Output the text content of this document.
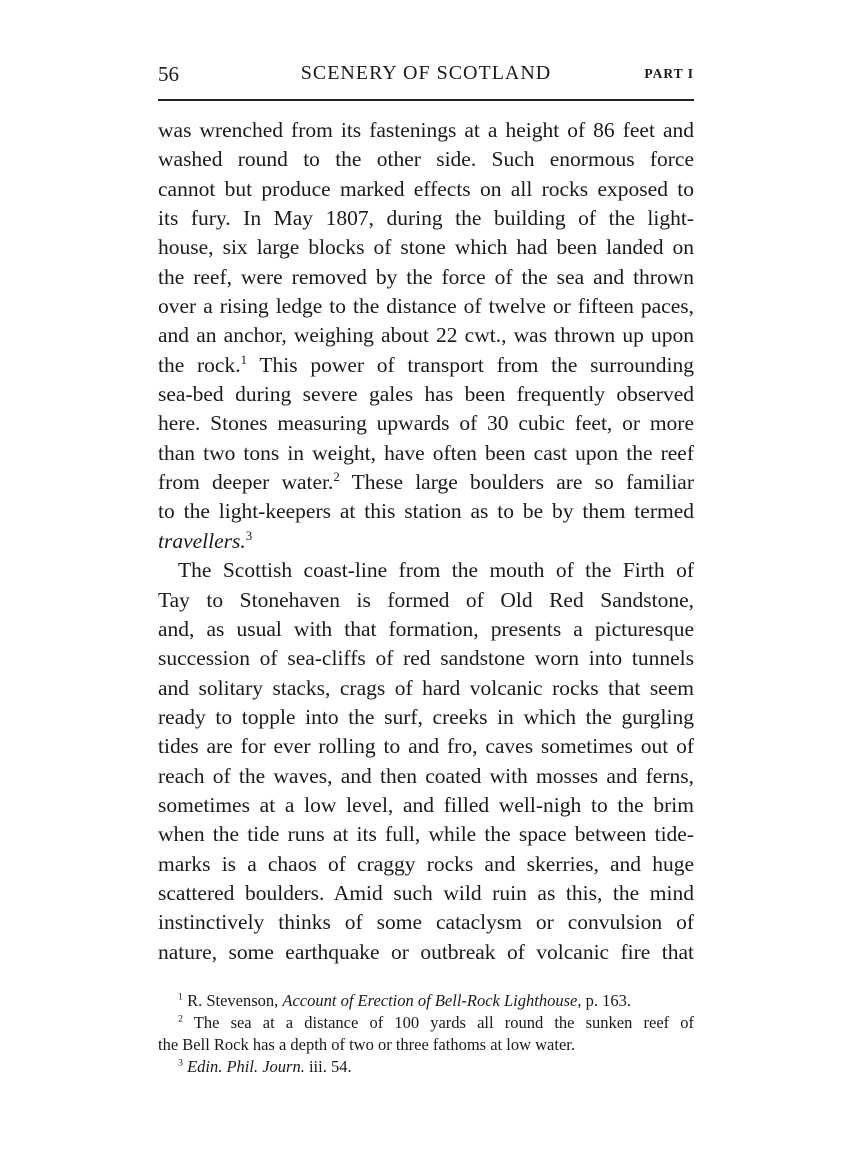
56	SCENERY OF SCOTLAND	PART I
was wrenched from its fastenings at a height of 86 feet and
washed round to the other side. Such enormous force
cannot but produce marked effects on all rocks exposed to
its fury. In May 1807, during the building of the light-
house, six large blocks of stone which had been landed on
the reef, were removed by the force of the sea and thrown
over a rising ledge to the distance of twelve or fifteen paces,
and an anchor, weighing about 22 cwt., was thrown up upon
the rock.$^1$ This power of transport from the surrounding
sea-bed during severe gales has been frequently observed
here. Stones measuring upwards of 30 cubic feet, or more
than two tons in weight, have often been cast upon the reef
from deeper water.$^2$ These large boulders are so familiar
to the light-keepers at this station as to be by them termed
travellers.$^3$
The Scottish coast-line from the mouth of the Firth of
Tay to Stonehaven is formed of Old Red Sandstone,
and, as usual with that formation, presents a picturesque
succession of sea-cliffs of red sandstone worn into tunnels
and solitary stacks, crags of hard volcanic rocks that seem
ready to topple into the surf, creeks in which the gurgling
tides are for ever rolling to and fro, caves sometimes out of
reach of the waves, and then coated with mosses and ferns,
sometimes at a low level, and filled well-nigh to the brim
when the tide runs at its full, while the space between tide-
marks is a chaos of craggy rocks and skerries, and huge
scattered boulders. Amid such wild ruin as this, the mind
instinctively thinks of some cataclysm or convulsion of
nature, some earthquake or outbreak of volcanic fire that
$^1$ R. Stevenson, Account of Erection of Bell-Rock Lighthouse, p. 163.
$^2$ The sea at a distance of 100 yards all round the sunken reef of
the Bell Rock has a depth of two or three fathoms at low water.
$^3$ Edin. Phil. Journ. iii. 54.
